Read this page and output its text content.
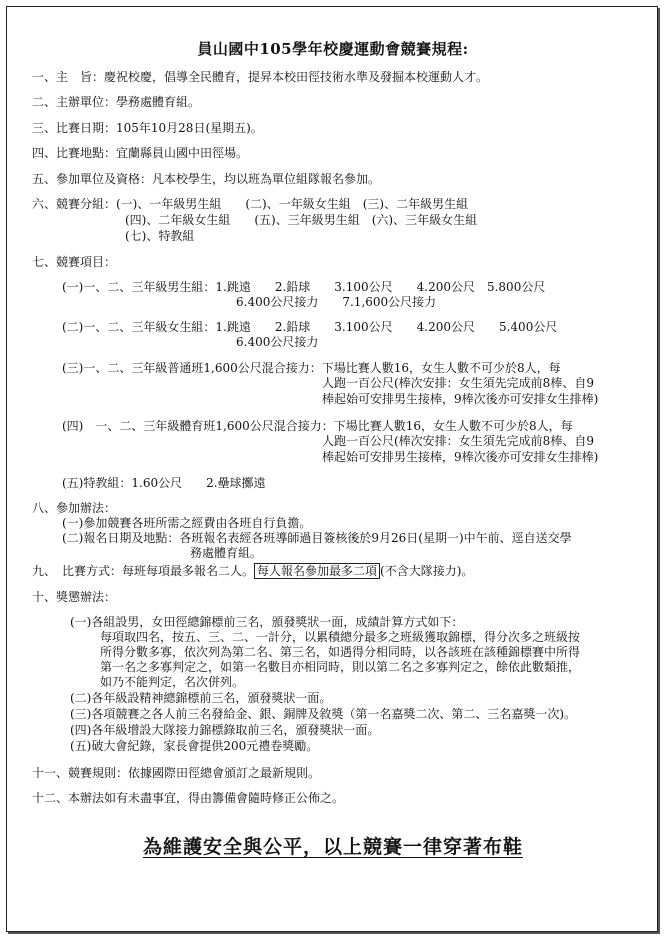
員山國中105學年校慶運動會競賽規程:
一、主　旨：慶祝校慶，倡導全民體育，提昇本校田徑技術水準及發掘本校運動人才。
二、主辦單位：學務處體育組。
三、比賽日期：105年10月28日(星期五)。
四、比賽地點：宜蘭縣員山國中田徑場。
五、參加單位及資格：凡本校學生，均以班為單位組隊報名參加。
六、競賽分組：(一)、一年級男生組　　(二)、一年級女生組　(三)、二年級男生組
(四)、二年級女生組　　(五)、三年級男生組　(六)、三年級女生組
(七)、特教組
七、競賽項目：
(一)一、二、三年級男生組：1.跳遠　　2.鉛球　　3.100公尺　　4.200公尺　5.800公尺
6.400公尺接力　　7.1,600公尺接力
(二)一、二、三年級女生組：1.跳遠　　2.鉛球　　3.100公尺　　4.200公尺　　5.400公尺
6.400公尺接力
(三)一、二、三年級普通班1,600公尺混合接力：下場比賽人數16，女生人數不可少於8人，每
人跑一百公尺(棒次安排：女生須先完成前8棒、自9
棒起始可安排男生接棒，9棒次後亦可安排女生排棒)
(四)　一、二、三年級體育班1,600公尺混合接力：下場比賽人數16，女生人數不可少於8人，每
人跑一百公尺(棒次安排：女生須先完成前8棒、自9
棒起始可安排男生接棒，9棒次後亦可安排女生排棒)
(五)特教組：1.60公尺　　2.壘球擲遠
八、參加辦法：
(一)參加競賽各班所需之經費由各班自行負擔。
(二)報名日期及地點：各班報名表經各班導師過目簽核後於9月26日(星期一)中午前、逕自送交學
務處體育組。
九、　比賽方式：每班每項最多報名二人。 每人報名參加最多二項 (不含大隊接力)。
十、獎懲辦法：
(一)各組設男，女田徑總錦標前三名，頒發獎狀一面，成績計算方式如下：
每項取四名，按五、三、二、一計分，以累積總分最多之班級獲取錦標，得分次多之班級按
所得分數多寡，依次列為第二名、第三名，如遇得分相同時，以各該班在該種錦標賽中所得
第一名之多寡判定之，如第一名數目亦相同時，則以第二名之多寡判定之，餘依此數類推，
如乃不能判定，名次併列。
(二)各年級設精神總錦標前三名，頒發獎狀一面。
(三)各項競賽之各人前三名發給金、銀、銅牌及敘獎（第一名嘉獎二次、第二、三名嘉獎一次)。
(四)各年級增設大隊接力錦標錄取前三名，頒發獎狀一面。
(五)破大會紀錄，家長會提供200元禮卷獎勵。
十一、競賽規則：依據國際田徑總會頒訂之最新規則。
十二、本辦法如有未盡事宜，得由籌備會隨時修正公佈之。
為維護安全與公平，以上競賽一律穿著布鞋
